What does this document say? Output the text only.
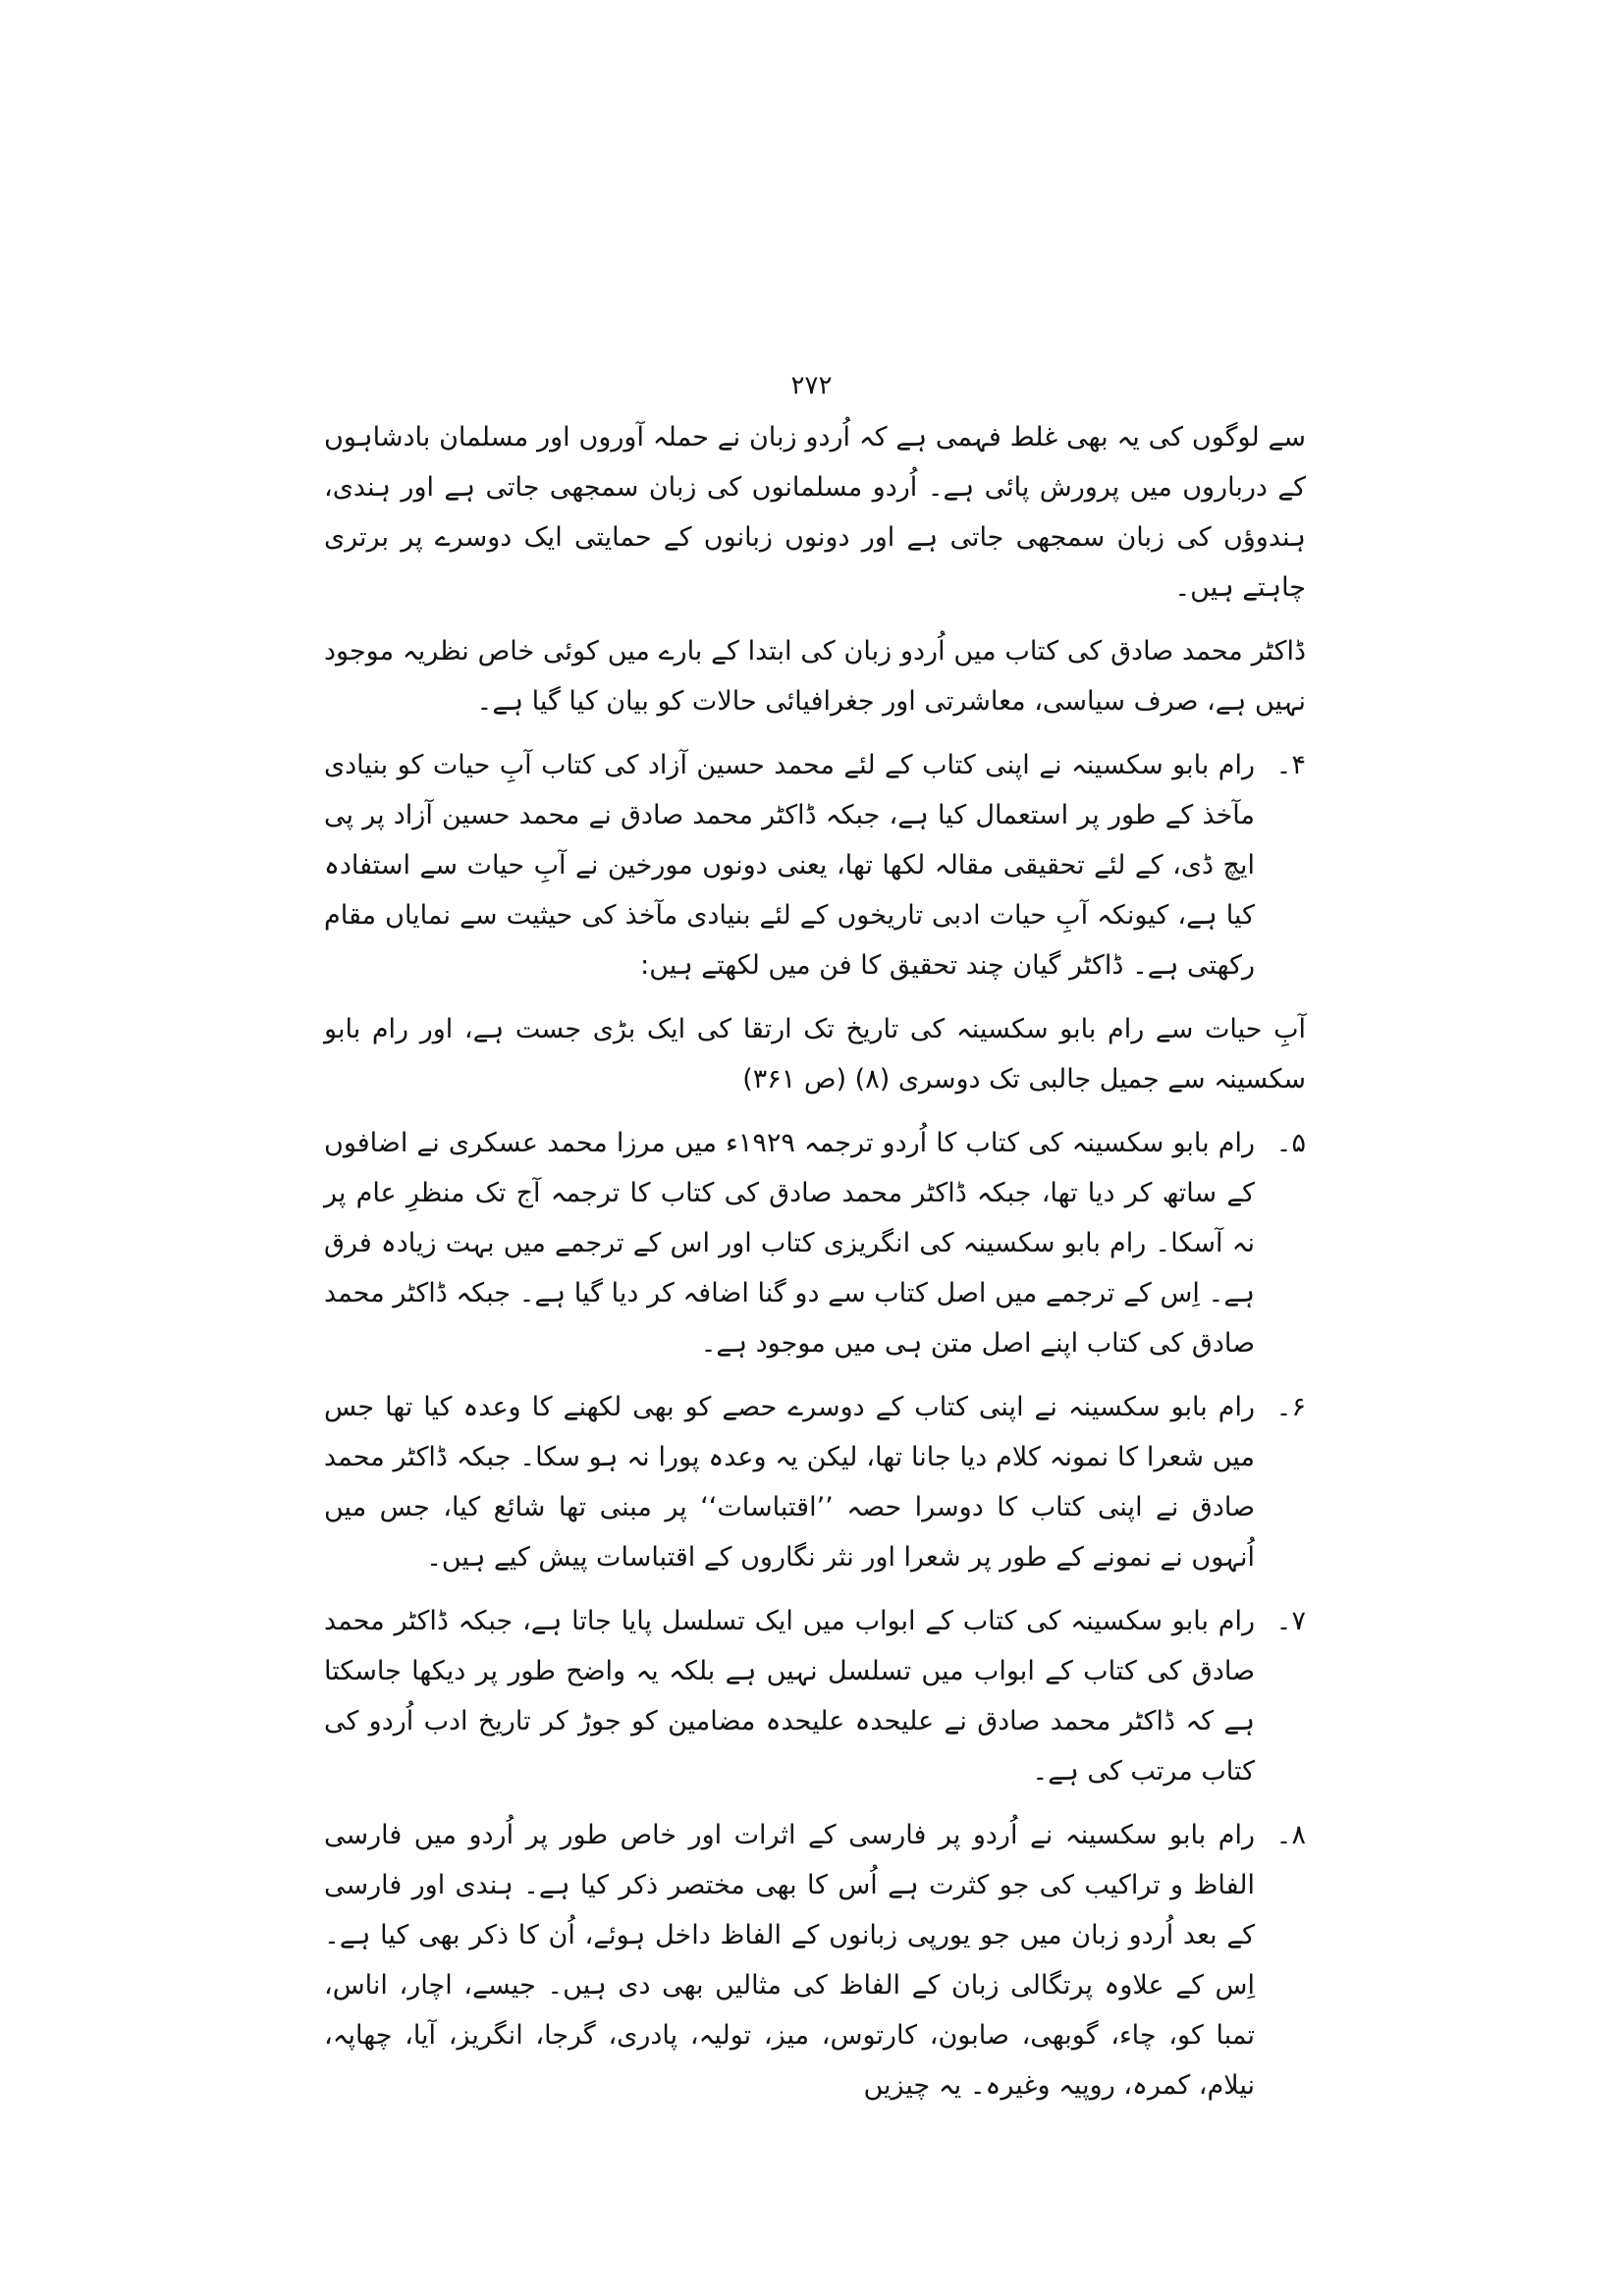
۲۷۲

سے لوگوں کی یہ بھی غلط فہمی ہے کہ اُردو زبان نے حملہ آوروں اور مسلمان بادشاہوں کے درباروں میں پرورش پائی ہے۔ اُردو مسلمانوں کی زبان سمجھی جاتی ہے اور ہندی، ہندوؤں کی زبان سمجھی جاتی ہے اور دونوں زبانوں کے حمایتی ایک دوسرے پر برتری چاہتے ہیں۔

ڈاکٹر محمد صادق کی کتاب میں اُردو زبان کی ابتدا کے بارے میں کوئی خاص نظریہ موجود نہیں ہے، صرف سیاسی، معاشرتی اور جغرافیائی حالات کو بیان کیا گیا ہے۔

۴۔
رام بابو سکسینہ نے اپنی کتاب کے لئے محمد حسین آزاد کی کتاب آبِ حیات کو بنیادی مآخذ کے طور پر استعمال کیا ہے، جبکہ ڈاکٹر محمد صادق نے محمد حسین آزاد پر پی ایچ ڈی، کے لئے تحقیقی مقالہ لکھا تھا، یعنی دونوں مورخین نے آبِ حیات سے استفادہ کیا ہے، کیونکہ آبِ حیات ادبی تاریخوں کے لئے بنیادی مآخذ کی حیثیت سے نمایاں مقام رکھتی ہے۔ ڈاکٹر گیان چند تحقیق کا فن میں لکھتے ہیں:

آبِ حیات سے رام بابو سکسینہ کی تاریخ تک ارتقا کی ایک بڑی جست ہے، اور رام بابو سکسینہ سے جمیل جالبی تک دوسری (۸) (ص ۳۶۱)

۵۔
رام بابو سکسینہ کی کتاب کا اُردو ترجمہ ۱۹۲۹ء میں مرزا محمد عسکری نے اضافوں کے ساتھ کر دیا تھا، جبکہ ڈاکٹر محمد صادق کی کتاب کا ترجمہ آج تک منظرِ عام پر نہ آسکا۔ رام بابو سکسینہ کی انگریزی کتاب اور اس کے ترجمے میں بہت زیادہ فرق ہے۔ اِس کے ترجمے میں اصل کتاب سے دو گنا اضافہ کر دیا گیا ہے۔ جبکہ ڈاکٹر محمد صادق کی کتاب اپنے اصل متن ہی میں موجود ہے۔
۶۔
رام بابو سکسینہ نے اپنی کتاب کے دوسرے حصے کو بھی لکھنے کا وعدہ کیا تھا جس میں شعرا کا نمونہ کلام دیا جانا تھا، لیکن یہ وعدہ پورا نہ ہو سکا۔ جبکہ ڈاکٹر محمد صادق نے اپنی کتاب کا دوسرا حصہ ’’اقتباسات‘‘ پر مبنی تھا شائع کیا، جس میں اُنہوں نے نمونے کے طور پر شعرا اور نثر نگاروں کے اقتباسات پیش کیے ہیں۔
۷۔
رام بابو سکسینہ کی کتاب کے ابواب میں ایک تسلسل پایا جاتا ہے، جبکہ ڈاکٹر محمد صادق کی کتاب کے ابواب میں تسلسل نہیں ہے بلکہ یہ واضح طور پر دیکھا جاسکتا ہے کہ ڈاکٹر محمد صادق نے علیحدہ علیحدہ مضامین کو جوڑ کر تاریخ ادب اُردو کی کتاب مرتب کی ہے۔
۸۔
رام بابو سکسینہ نے اُردو پر فارسی کے اثرات اور خاص طور پر اُردو میں فارسی الفاظ و تراکیب کی جو کثرت ہے اُس کا بھی مختصر ذکر کیا ہے۔ ہندی اور فارسی کے بعد اُردو زبان میں جو یورپی زبانوں کے الفاظ داخل ہوئے، اُن کا ذکر بھی کیا ہے۔ اِس کے علاوہ پرتگالی زبان کے الفاظ کی مثالیں بھی دی ہیں۔ جیسے، اچار، اناس، تمبا کو، چاء، گوبھی، صابون، کارتوس، میز، تولیہ، پادری، گرجا، انگریز، آیا، چھاپہ، نیلام، کمرہ، روپیہ وغیرہ۔ یہ چیزیں
